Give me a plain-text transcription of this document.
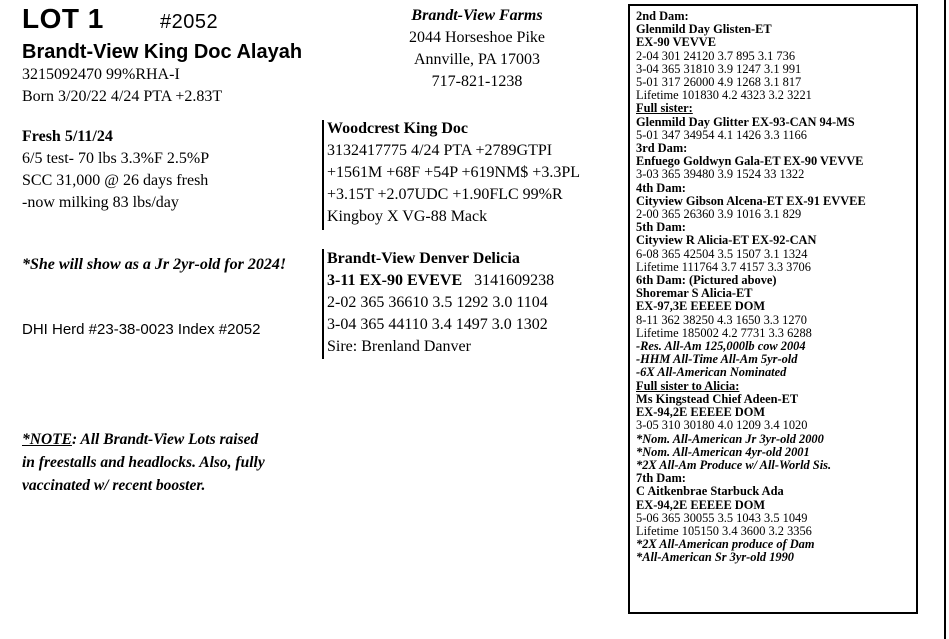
LOT 1	#2052
Brandt-View King Doc Alayah
3215092470 99%RHA-I
Born 3/20/22 4/24 PTA +2.83T
Fresh 5/11/24
6/5 test- 70 lbs 3.3%F 2.5%P
SCC 31,000 @ 26 days fresh
-now milking 83 lbs/day
*She will show as a Jr 2yr-old for 2024!
DHI Herd #23-38-0023 Index #2052
*NOTE: All Brandt-View Lots raised
in freestalls and headlocks. Also, fully
vaccinated w/ recent booster.
Brandt-View Farms
2044 Horseshoe Pike
Annville, PA 17003
717-821-1238
Woodcrest King Doc
3132417775 4/24 PTA +2789GTPI
+1561M +68F +54P +619NM$ +3.3PL
+3.15T +2.07UDC +1.90FLC 99%R
Kingboy X VG-88 Mack
Brandt-View Denver Delicia
3-11 EX-90 EVEVE 3141609238
2-02 365 36610 3.5 1292 3.0 1104
3-04 365 44110 3.4 1497 3.0 1302
Sire: Brenland Danver
2nd Dam:
Glenmild Day Glisten-ET
EX-90 VEVVE
2-04 301 24120 3.7 895 3.1 736
3-04 365 31810 3.9 1247 3.1 991
5-01 317 26000 4.9 1268 3.1 817
Lifetime 101830 4.2 4323 3.2 3221
Full sister:
Glenmild Day Glitter EX-93-CAN 94-MS
5-01 347 34954 4.1 1426 3.3 1166
3rd Dam:
Enfuego Goldwyn Gala-ET EX-90 VEVVE
3-03 365 39480 3.9 1524 33 1322
4th Dam:
Cityview Gibson Alcena-ET EX-91 EVVEE
2-00 365 26360 3.9 1016 3.1 829
5th Dam:
Cityview R Alicia-ET EX-92-CAN
6-08 365 42504 3.5 1507 3.1 1324
Lifetime 111764 3.7 4157 3.3 3706
6th Dam: (Pictured above)
Shoremar S Alicia-ET
EX-97,3E EEEEE DOM
8-11 362 38250 4.3 1650 3.3 1270
Lifetime 185002 4.2 7731 3.3 6288
-Res. All-Am 125,000lb cow 2004
-HHM All-Time All-Am 5yr-old
-6X All-American Nominated
Full sister to Alicia:
Ms Kingstead Chief Adeen-ET
EX-94,2E EEEEE DOM
3-05 310 30180 4.0 1209 3.4 1020
*Nom. All-American Jr 3yr-old 2000
*Nom. All-American 4yr-old 2001
*2X All-Am Produce w/ All-World Sis.
7th Dam:
C Aitkenbrae Starbuck Ada
EX-94,2E EEEEE DOM
5-06 365 30055 3.5 1043 3.5 1049
Lifetime 105150 3.4 3600 3.2 3356
*2X All-American produce of Dam
*All-American Sr 3yr-old 1990
